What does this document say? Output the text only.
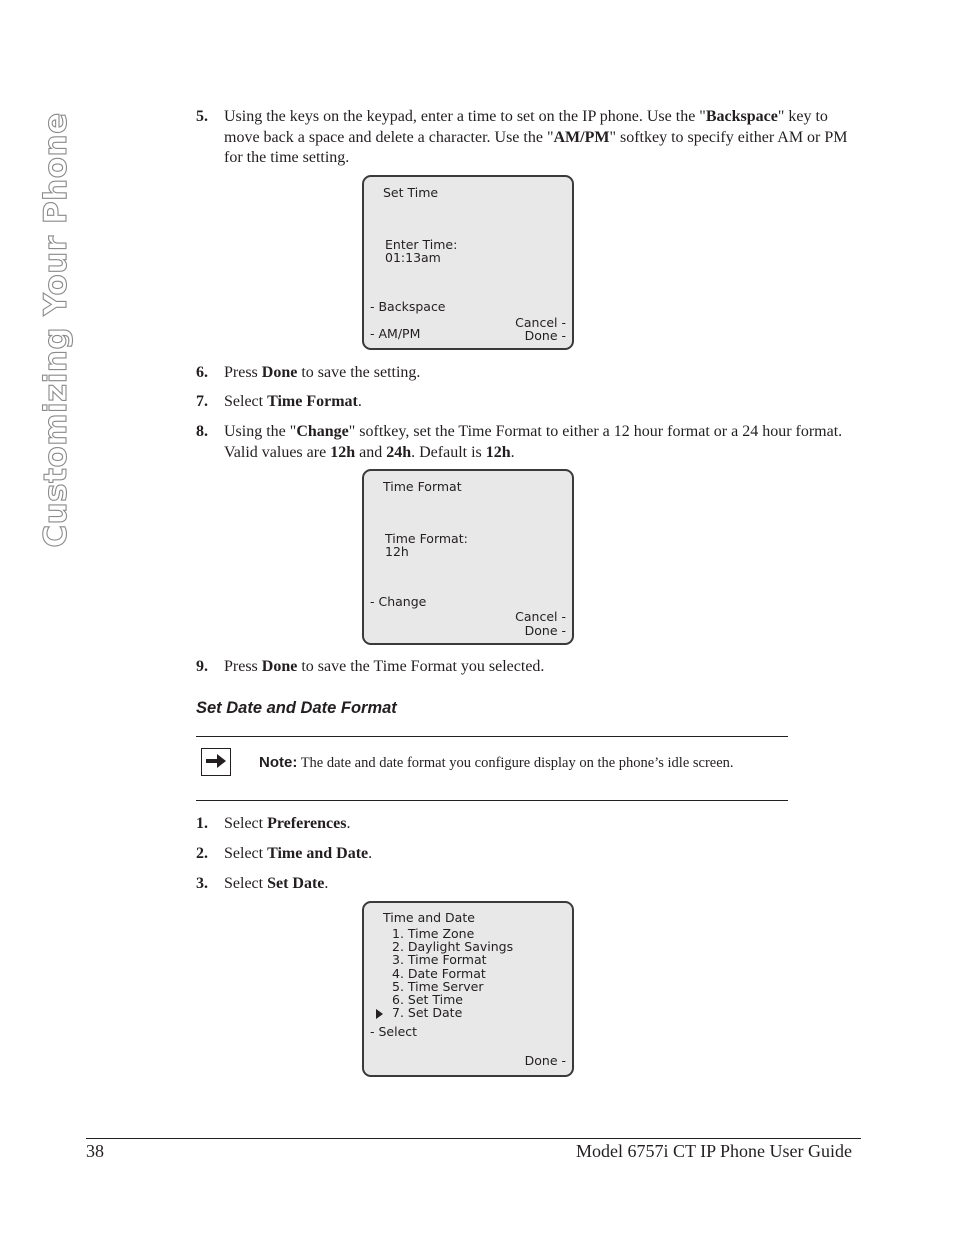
Customizing Your Phone	5. Using the keys on the keypad, enter a time to set on the IP phone. Use the "Backspace" key to move back a space and delete a character. Use the "AM/PM" softkey to specify either AM or PM for the time setting.
Set Time
Enter Time:
01:13am
- Backspace
- AM/PM
Cancel -
Done -
6. Press Done to save the setting.
7. Select Time Format.
8. Using the "Change" softkey, set the Time Format to either a 12 hour format or a 24 hour format. Valid values are 12h and 24h. Default is 12h.
Time Format
Time Format:
12h
- Change
Cancel -
Done -
9. Press Done to save the Time Format you selected.
Set Date and Date Format
Note: The date and date format you configure display on the phone’s idle screen.
1. Select Preferences.
2. Select Time and Date.
3. Select Set Date.
Time and Date
1. Time Zone
2. Daylight Savings
3. Time Format
4. Date Format
5. Time Server
6. Set Time
7. Set Date
- Select
Done -
38	Model 6757i CT IP Phone User Guide
